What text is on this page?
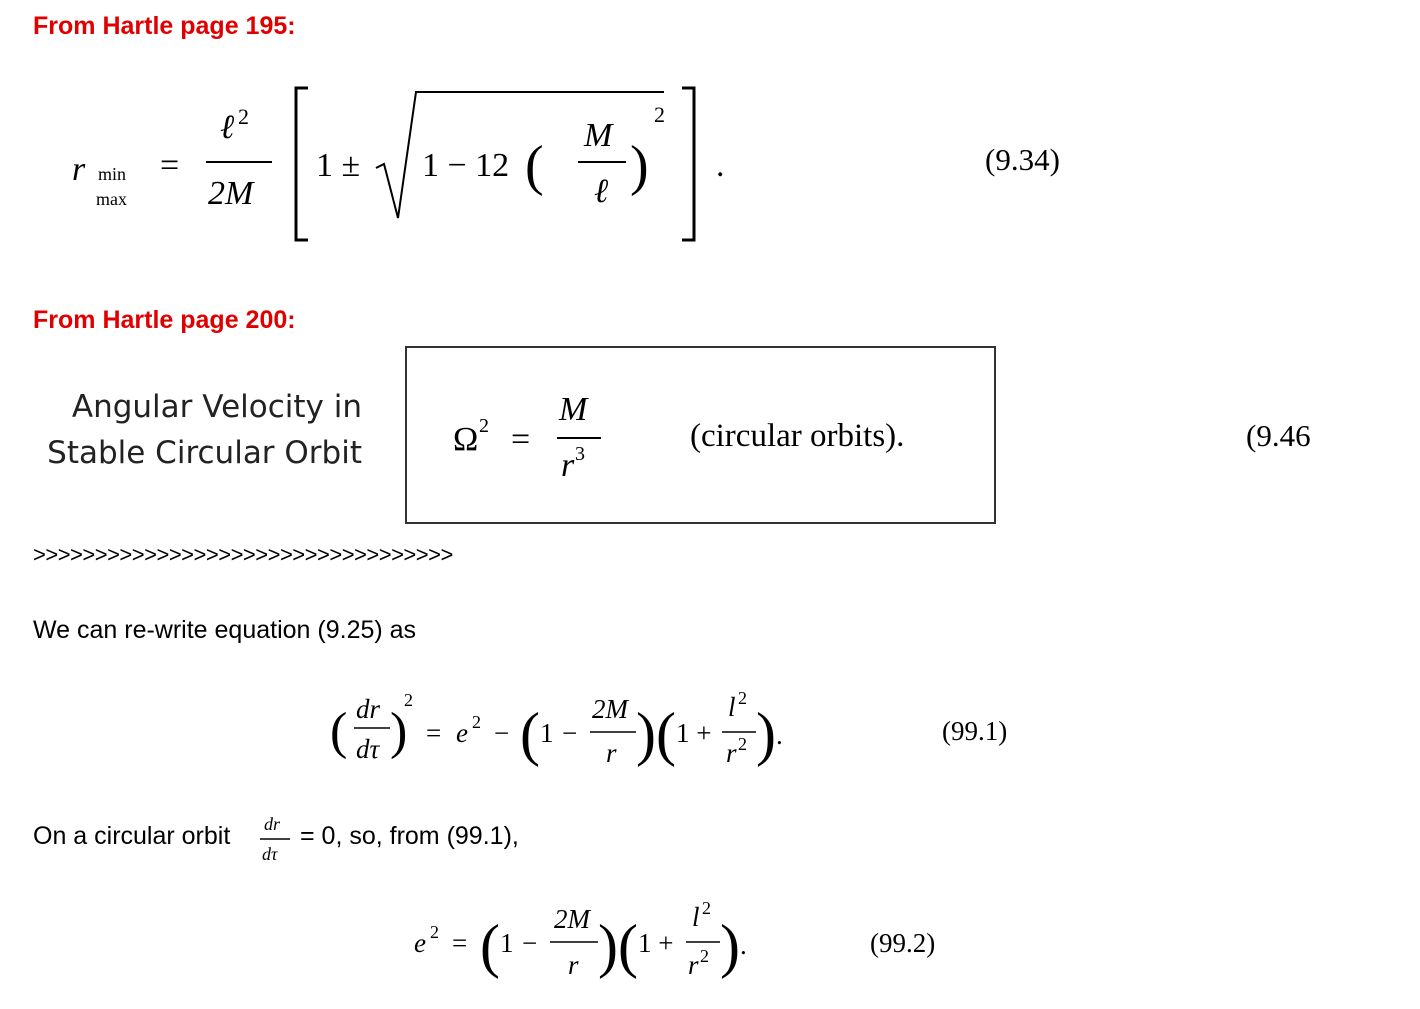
From Hartle page 195:
r min
max
=
ℓ 2
2M
1 ± 1 − 12 ( M
ℓ )
2
.	(9.34)
From Hartle page 200:
Angular Velocity in
Stable Circular Orbit	Ω 2 =
M
r 3	(circular orbits).	(9.46
>>>>>>>>>>>>>>>>>>>>>>>>>>>>>>>>>>
We can re-write equation (9.25) as
( dr
dτ )
2
= e 2 − ( 1 −
2M
r ) ( 1 +
l 2
r 2 ) .	(99.1)
On a circular orbit dr
dτ
= 0, so, from (99.1),
e 2 = ( 1 −
2M
r ) ( 1 +
l 2
r 2 ) .	(99.2)
